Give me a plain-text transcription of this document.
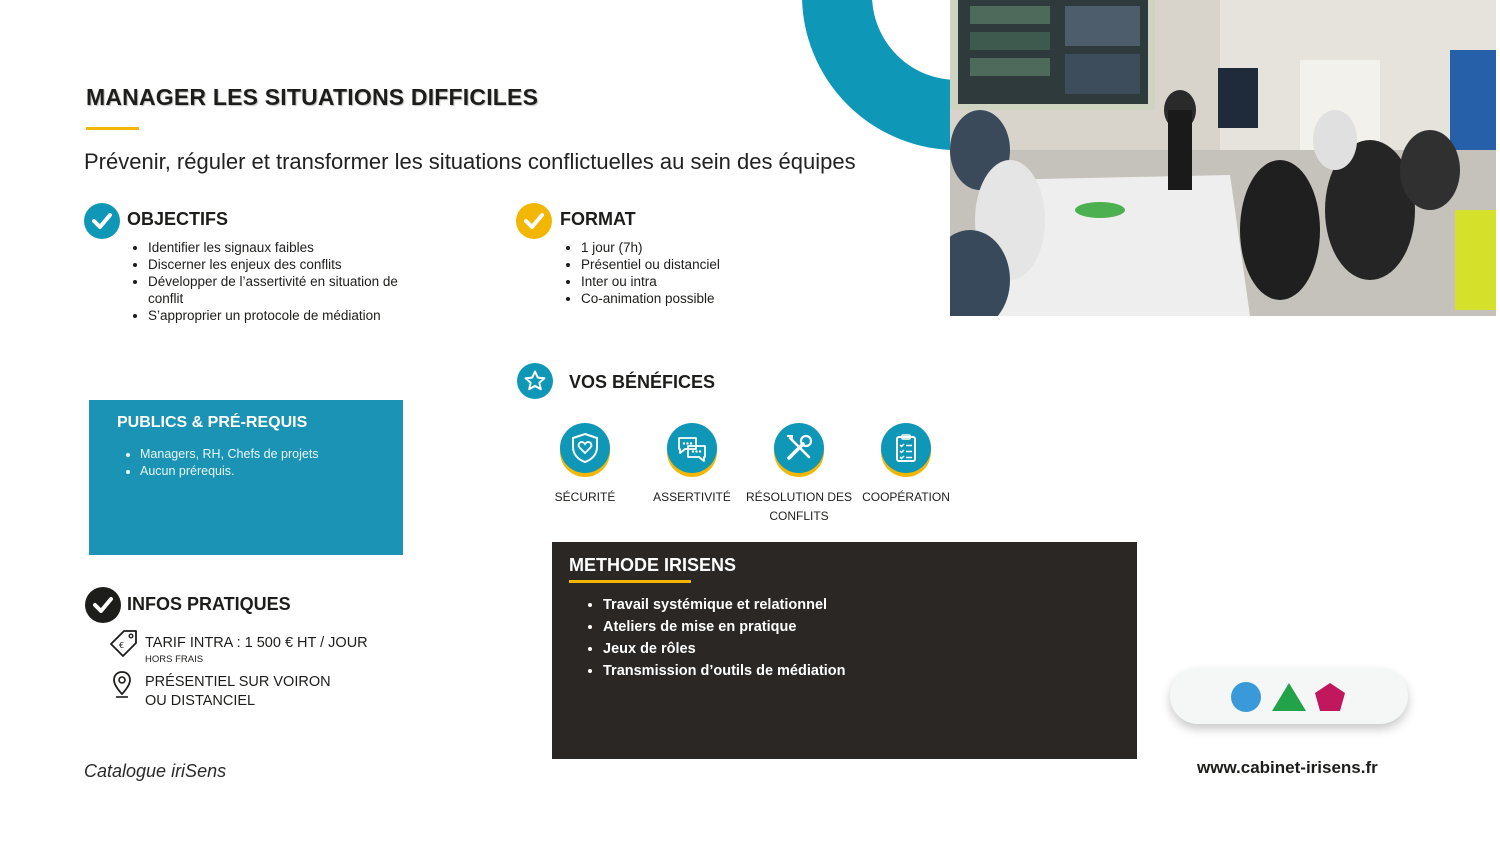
MANAGER LES SITUATIONS DIFFICILES
Prévenir, réguler et transformer les situations conflictuelles au sein des équipes
OBJECTIFS
• Identifier les signaux faibles
• Discerner les enjeux des conflits
• Développer de l’assertivité en situation de conflit
• S’approprier un protocole de médiation
FORMAT
• 1 jour (7h)
• Présentiel ou distanciel
• Inter ou intra
• Co-animation possible
PUBLICS & PRÉ-REQUIS
• Managers, RH, Chefs de projets
• Aucun prérequis.
VOS BÉNÉFICES
SÉCURITÉ	ASSERTIVITÉ	RÉSOLUTION DES CONFLITS
COOPÉRATION
METHODE IRISENS
• Travail systémique et relationnel
• Ateliers de mise en pratique
• Jeux de rôles
• Transmission d’outils de médiation
INFOS PRATIQUES
€ TARIF INTRA : 1 500 € HT / JOUR
HORS FRAIS
PRÉSENTIEL SUR VOIRON
OU DISTANCIEL
Catalogue iriSens	www.cabinet-irisens.fr
